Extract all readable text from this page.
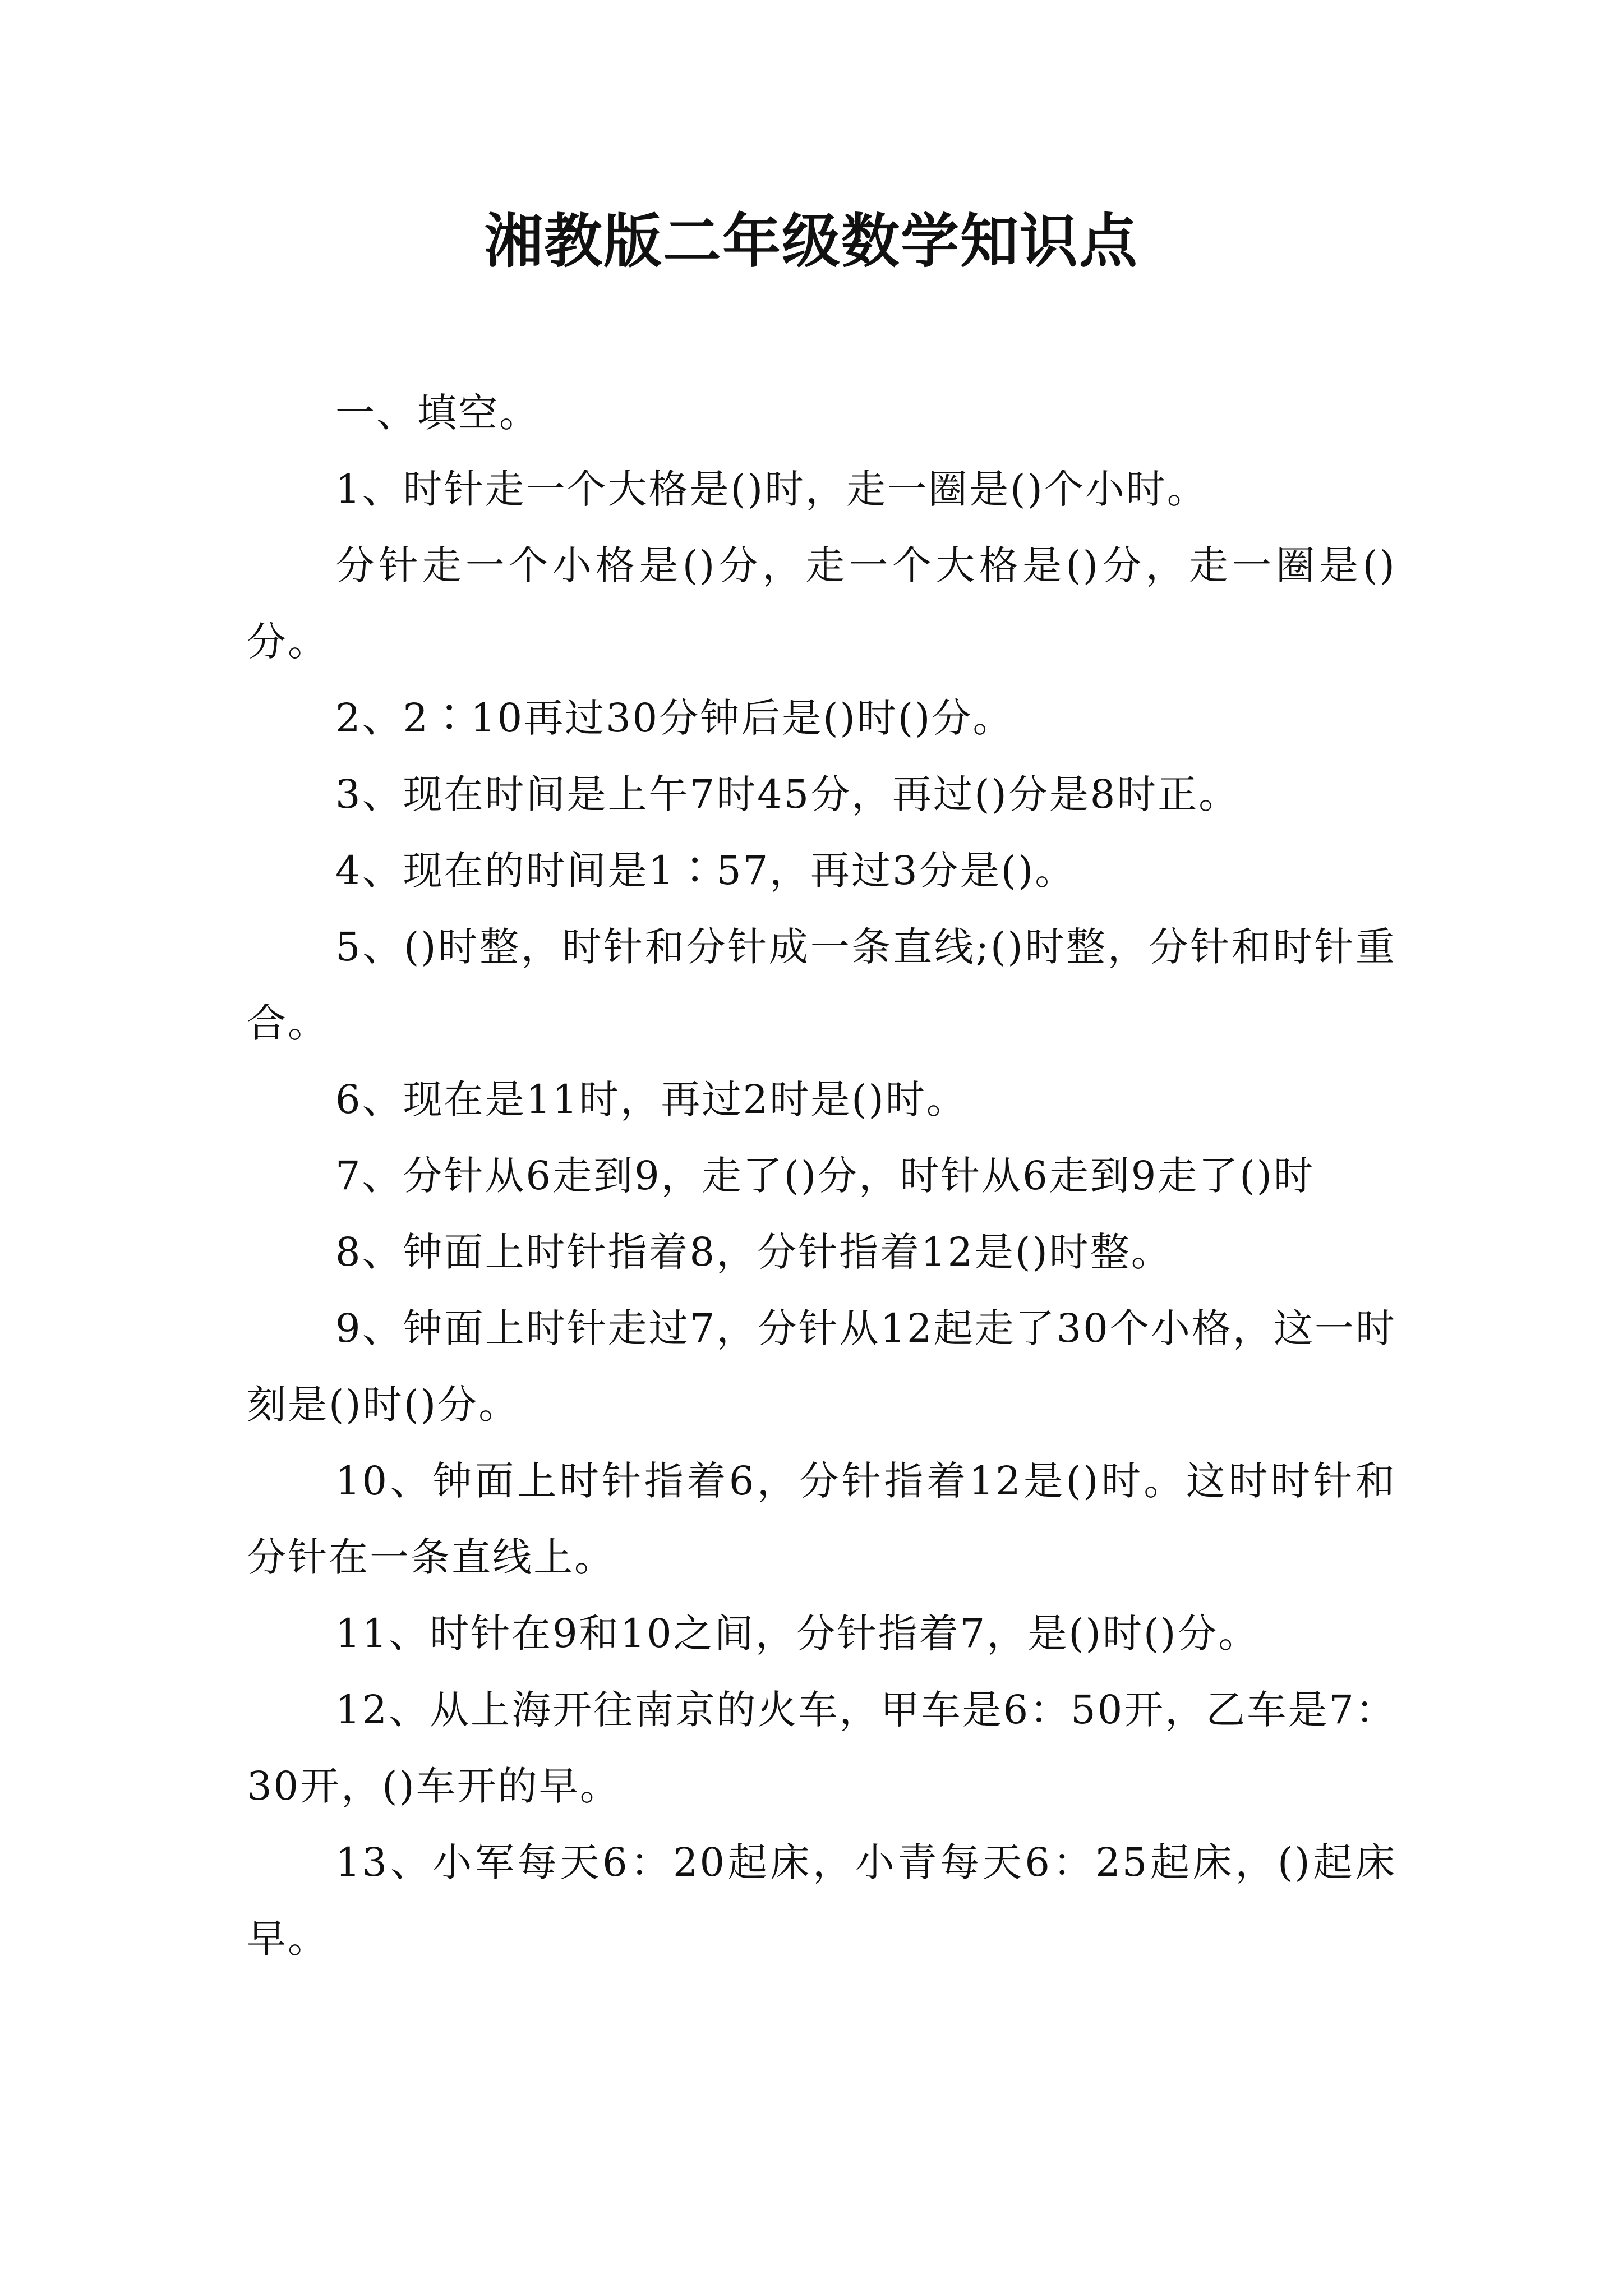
湘教版二年级数学知识点

一、填空。

1、时针走一个大格是()时，走一圈是()个小时。

分针走一个小格是()分，走一个大格是()分，走一圈是()分。

2、2∶10再过30分钟后是()时()分。

3、现在时间是上午7时45分，再过()分是8时正。

4、现在的时间是1∶57，再过3分是()。

5、()时整，时针和分针成一条直线;()时整，分针和时针重合。

6、现在是11时，再过2时是()时。

7、分针从6走到9，走了()分，时针从6走到9走了()时

8、钟面上时针指着8，分针指着12是()时整。

9、钟面上时针走过7，分针从12起走了30个小格，这一时刻是()时()分。

10、钟面上时针指着6，分针指着12是()时。这时时针和分针在一条直线上。

11、时针在9和10之间，分针指着7，是()时()分。

12、从上海开往南京的火车，甲车是6：50开，乙车是7：30开，()车开的早。

13、小军每天6：20起床，小青每天6：25起床，()起床早。
